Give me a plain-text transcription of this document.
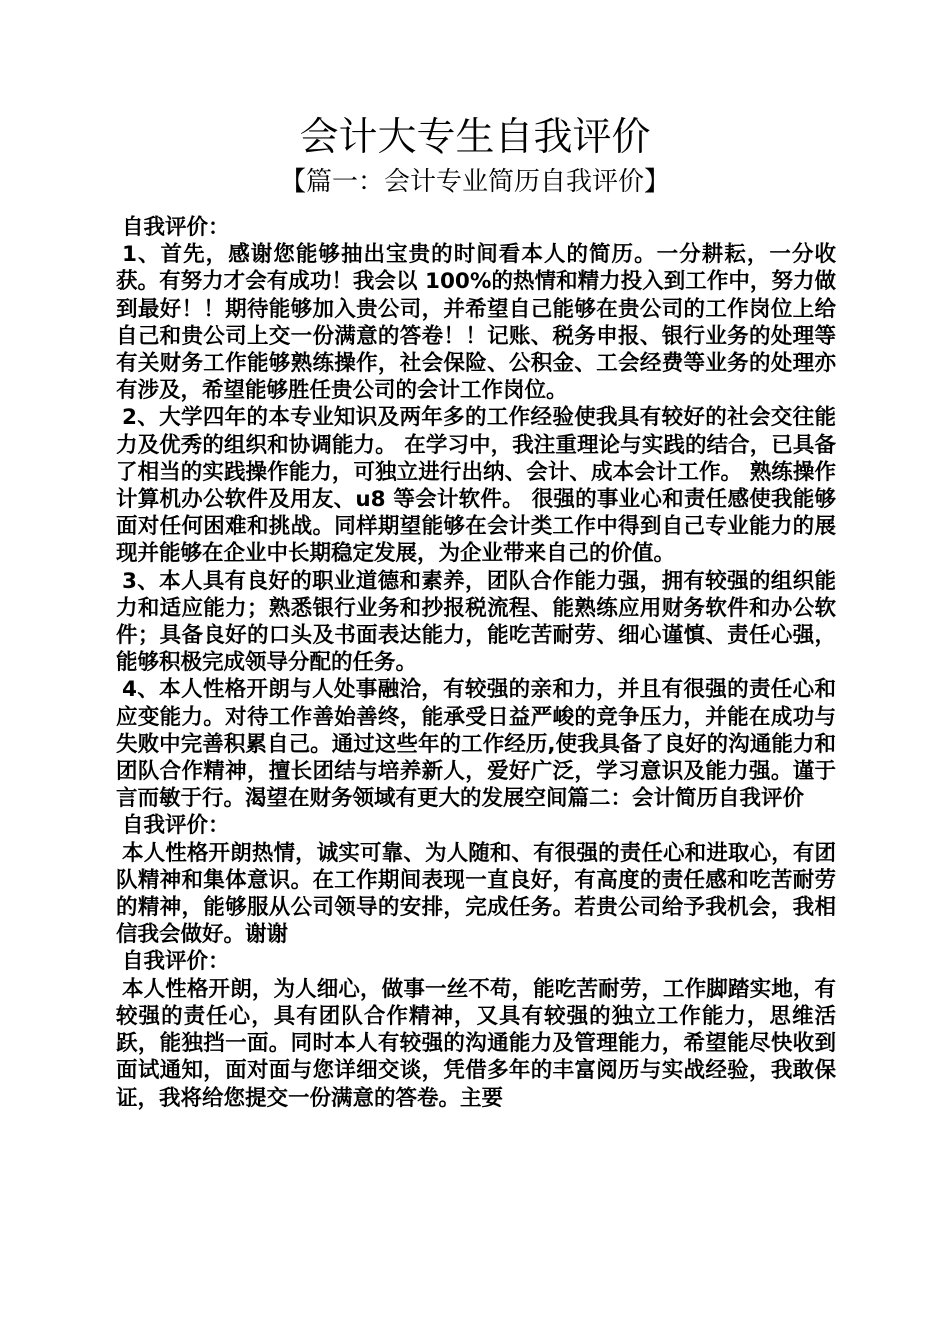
会计大专生自我评价
【篇一：会计专业简历自我评价】

自我评价：

1、首先，感谢您能够抽出宝贵的时间看本人的简历。一分耕耘，一分收获。有努力才会有成功！我会以 100%的热情和精力投入到工作中，努力做到最好！！期待能够加入贵公司，并希望自己能够在贵公司的工作岗位上给自己和贵公司上交一份满意的答卷！！记账、税务申报、银行业务的处理等有关财务工作能够熟练操作，社会保险、公积金、工会经费等业务的处理亦有涉及，希望能够胜任贵公司的会计工作岗位。

2、大学四年的本专业知识及两年多的工作经验使我具有较好的社会交往能力及优秀的组织和协调能力。 在学习中，我注重理论与实践的结合，已具备了相当的实践操作能力，可独立进行出纳、会计、成本会计工作。 熟练操作计算机办公软件及用友、u8 等会计软件。 很强的事业心和责任感使我能够面对任何困难和挑战。同样期望能够在会计类工作中得到自己专业能力的展现并能够在企业中长期稳定发展，为企业带来自己的价值。

3、本人具有良好的职业道德和素养，团队合作能力强，拥有较强的组织能力和适应能力；熟悉银行业务和抄报税流程、能熟练应用财务软件和办公软件；具备良好的口头及书面表达能力，能吃苦耐劳、细心谨慎、责任心强，能够积极完成领导分配的任务。

4、本人性格开朗与人处事融洽，有较强的亲和力，并且有很强的责任心和应变能力。对待工作善始善终，能承受日益严峻的竞争压力，并能在成功与失败中完善积累自己。通过这些年的工作经历,使我具备了良好的沟通能力和团队合作精神，擅长团结与培养新人，爱好广泛，学习意识及能力强。谨于言而敏于行。渴望在财务领域有更大的发展空间篇二：会计简历自我评价

自我评价：

本人性格开朗热情，诚实可靠、为人随和、有很强的责任心和进取心，有团队精神和集体意识。在工作期间表现一直良好，有高度的责任感和吃苦耐劳的精神，能够服从公司领导的安排，完成任务。若贵公司给予我机会，我相信我会做好。谢谢

自我评价：

本人性格开朗，为人细心，做事一丝不苟，能吃苦耐劳，工作脚踏实地，有较强的责任心，具有团队合作精神，又具有较强的独立工作能力，思维活跃，能独挡一面。同时本人有较强的沟通能力及管理能力，希望能尽快收到面试通知，面对面与您详细交谈，凭借多年的丰富阅历与实战经验，我敢保证，我将给您提交一份满意的答卷。主要
